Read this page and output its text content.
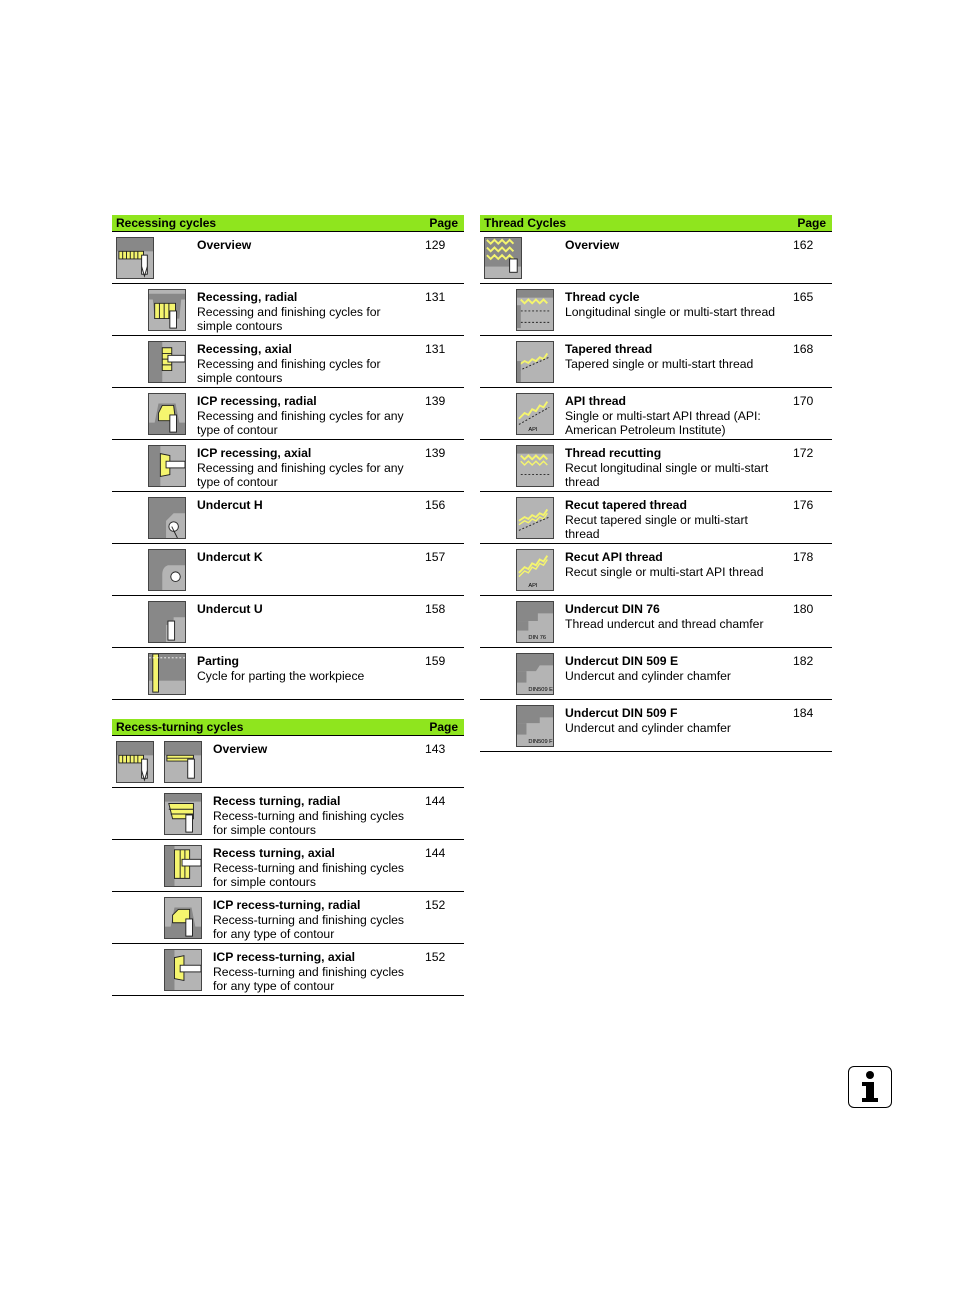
Recessing cycles	Page
Overview	129
Recessing, radial
Recessing and finishing cycles for simple contours
131
Recessing, axial
Recessing and finishing cycles for simple contours
131
ICP recessing, radial
Recessing and finishing cycles for any type of contour
139
ICP recessing, axial
Recessing and finishing cycles for any type of contour
139
Undercut H	156
Undercut K	157
Undercut U	158
Parting
Cycle for parting the workpiece
159
Recess-turning cycles	Page
Overview	143
Recess turning, radial
Recess-turning and finishing cycles for simple contours
144
Recess turning, axial
Recess-turning and finishing cycles for simple contours
144
ICP recess-turning, radial
Recess-turning and finishing cycles for any type of contour
152
ICP recess-turning, axial
Recess-turning and finishing cycles for any type of contour
152
Thread Cycles	Page
Overview	162
Thread cycle
Longitudinal single or multi-start thread
165
Tapered thread
Tapered single or multi-start thread
168
API
API thread
Single or multi-start API thread (API: American Petroleum Institute)
170
Thread recutting
Recut longitudinal single or multi-start thread
172
Recut tapered thread
Recut tapered single or multi-start thread
176
API
Recut API thread
Recut single or multi-start API thread
178
DIN 76
Undercut DIN 76
Thread undercut and thread chamfer
180
DIN509 E
Undercut DIN 509 E
Undercut and cylinder chamfer
182
DIN509 F
Undercut DIN 509 F
Undercut and cylinder chamfer
184
